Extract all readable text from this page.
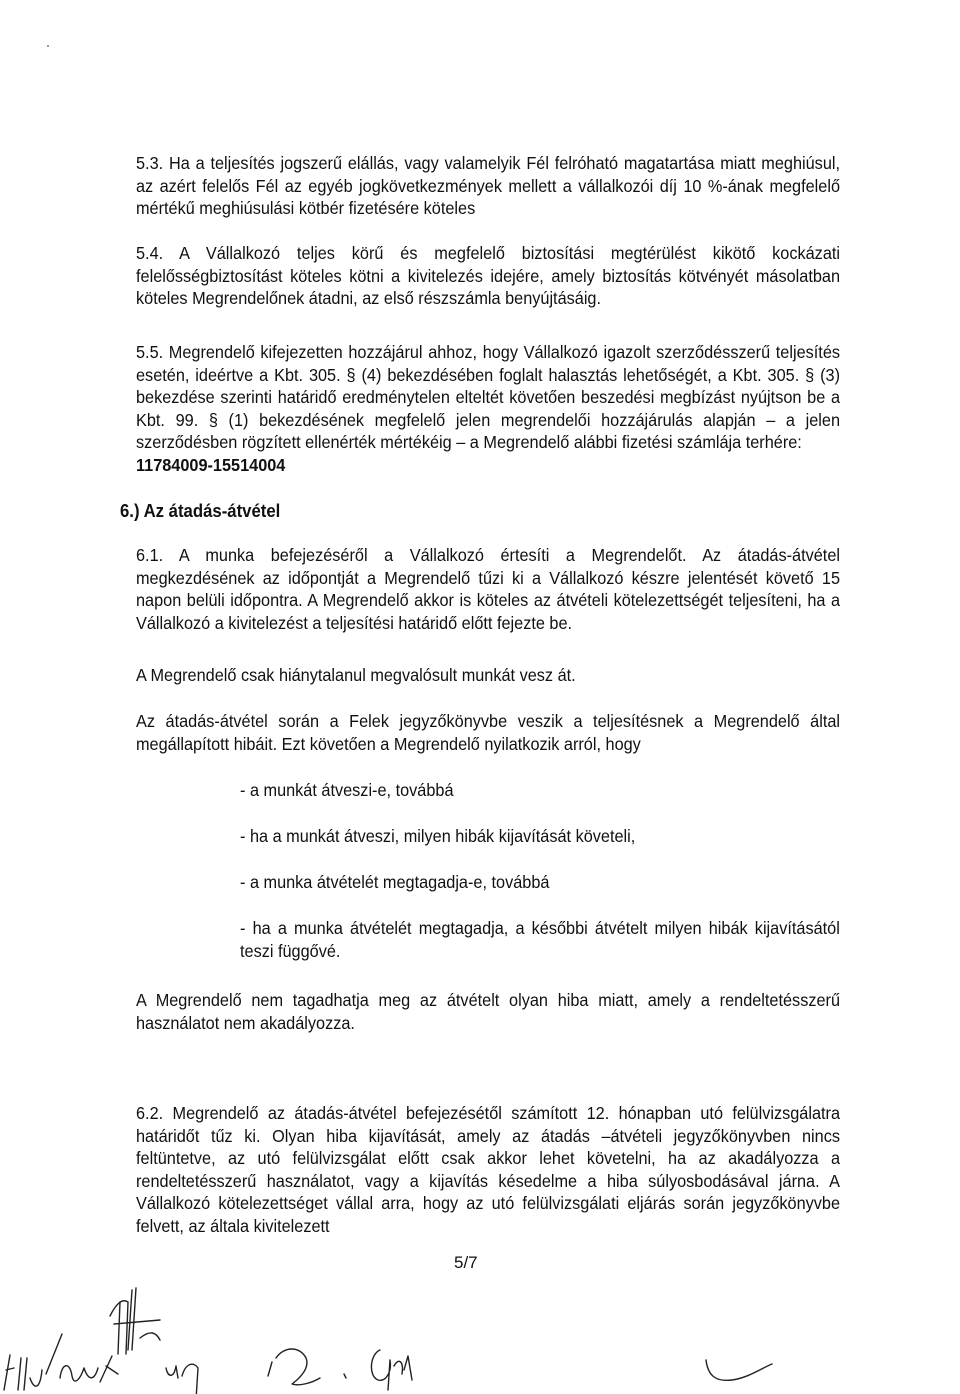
5.3. Ha a teljesítés jogszerű elállás, vagy valamelyik Fél felróható magatartása miatt meghiúsul, az azért felelős Fél az egyéb jogkövetkezmények mellett a vállalkozói díj 10 %-ának megfelelő mértékű meghiúsulási kötbér fizetésére köteles
5.4. A Vállalkozó teljes körű és megfelelő biztosítási megtérülést kikötő kockázati felelősségbiztosítást köteles kötni a kivitelezés idejére, amely biztosítás kötvényét másolatban köteles Megrendelőnek átadni, az első részszámla benyújtásáig.
5.5. Megrendelő kifejezetten hozzájárul ahhoz, hogy Vállalkozó igazolt szerződésszerű teljesítés esetén, ideértve a Kbt. 305. § (4) bekezdésében foglalt halasztás lehetőségét, a Kbt. 305. § (3) bekezdése szerinti határidő eredménytelen elteltét követően beszedési megbízást nyújtson be a Kbt. 99. § (1) bekezdésének megfelelő jelen megrendelői hozzájárulás alapján – a jelen szerződésben rögzített ellenérték mértékéig – a Megrendelő alábbi fizetési számlája terhére:
11784009-15514004
6.) Az átadás-átvétel
6.1. A munka befejezéséről a Vállalkozó értesíti a Megrendelőt. Az átadás-átvétel megkezdésének az időpontját a Megrendelő tűzi ki a Vállalkozó készre jelentését követő 15 napon belüli időpontra. A Megrendelő akkor is köteles az átvételi kötelezettségét teljesíteni, ha a Vállalkozó a kivitelezést a teljesítési határidő előtt fejezte be.
A Megrendelő csak hiánytalanul megvalósult munkát vesz át.
Az átadás-átvétel során a Felek jegyzőkönyvbe veszik a teljesítésnek a Megrendelő által megállapított hibáit. Ezt követően a Megrendelő nyilatkozik arról, hogy
- a munkát átveszi-e, továbbá
- ha a munkát átveszi, milyen hibák kijavítását követeli,
- a munka átvételét megtagadja-e, továbbá
- ha a munka átvételét megtagadja, a későbbi átvételt milyen hibák kijavításától teszi függővé.
A Megrendelő nem tagadhatja meg az átvételt olyan hiba miatt, amely a rendeltetésszerű használatot nem akadályozza.
6.2. Megrendelő az átadás-átvétel befejezésétől számított 12. hónapban utó felülvizsgálatra határidőt tűz ki. Olyan hiba kijavítását, amely az átadás –átvételi jegyzőkönyvben nincs feltüntetve, az utó felülvizsgálat előtt csak akkor lehet követelni, ha az akadályozza a rendeltetésszerű használatot, vagy a kijavítás késedelme a hiba súlyosbodásával járna. A Vállalkozó kötelezettséget vállal arra, hogy az utó felülvizsgálati eljárás során jegyzőkönyvbe felvett, az általa kivitelezett
5/7
